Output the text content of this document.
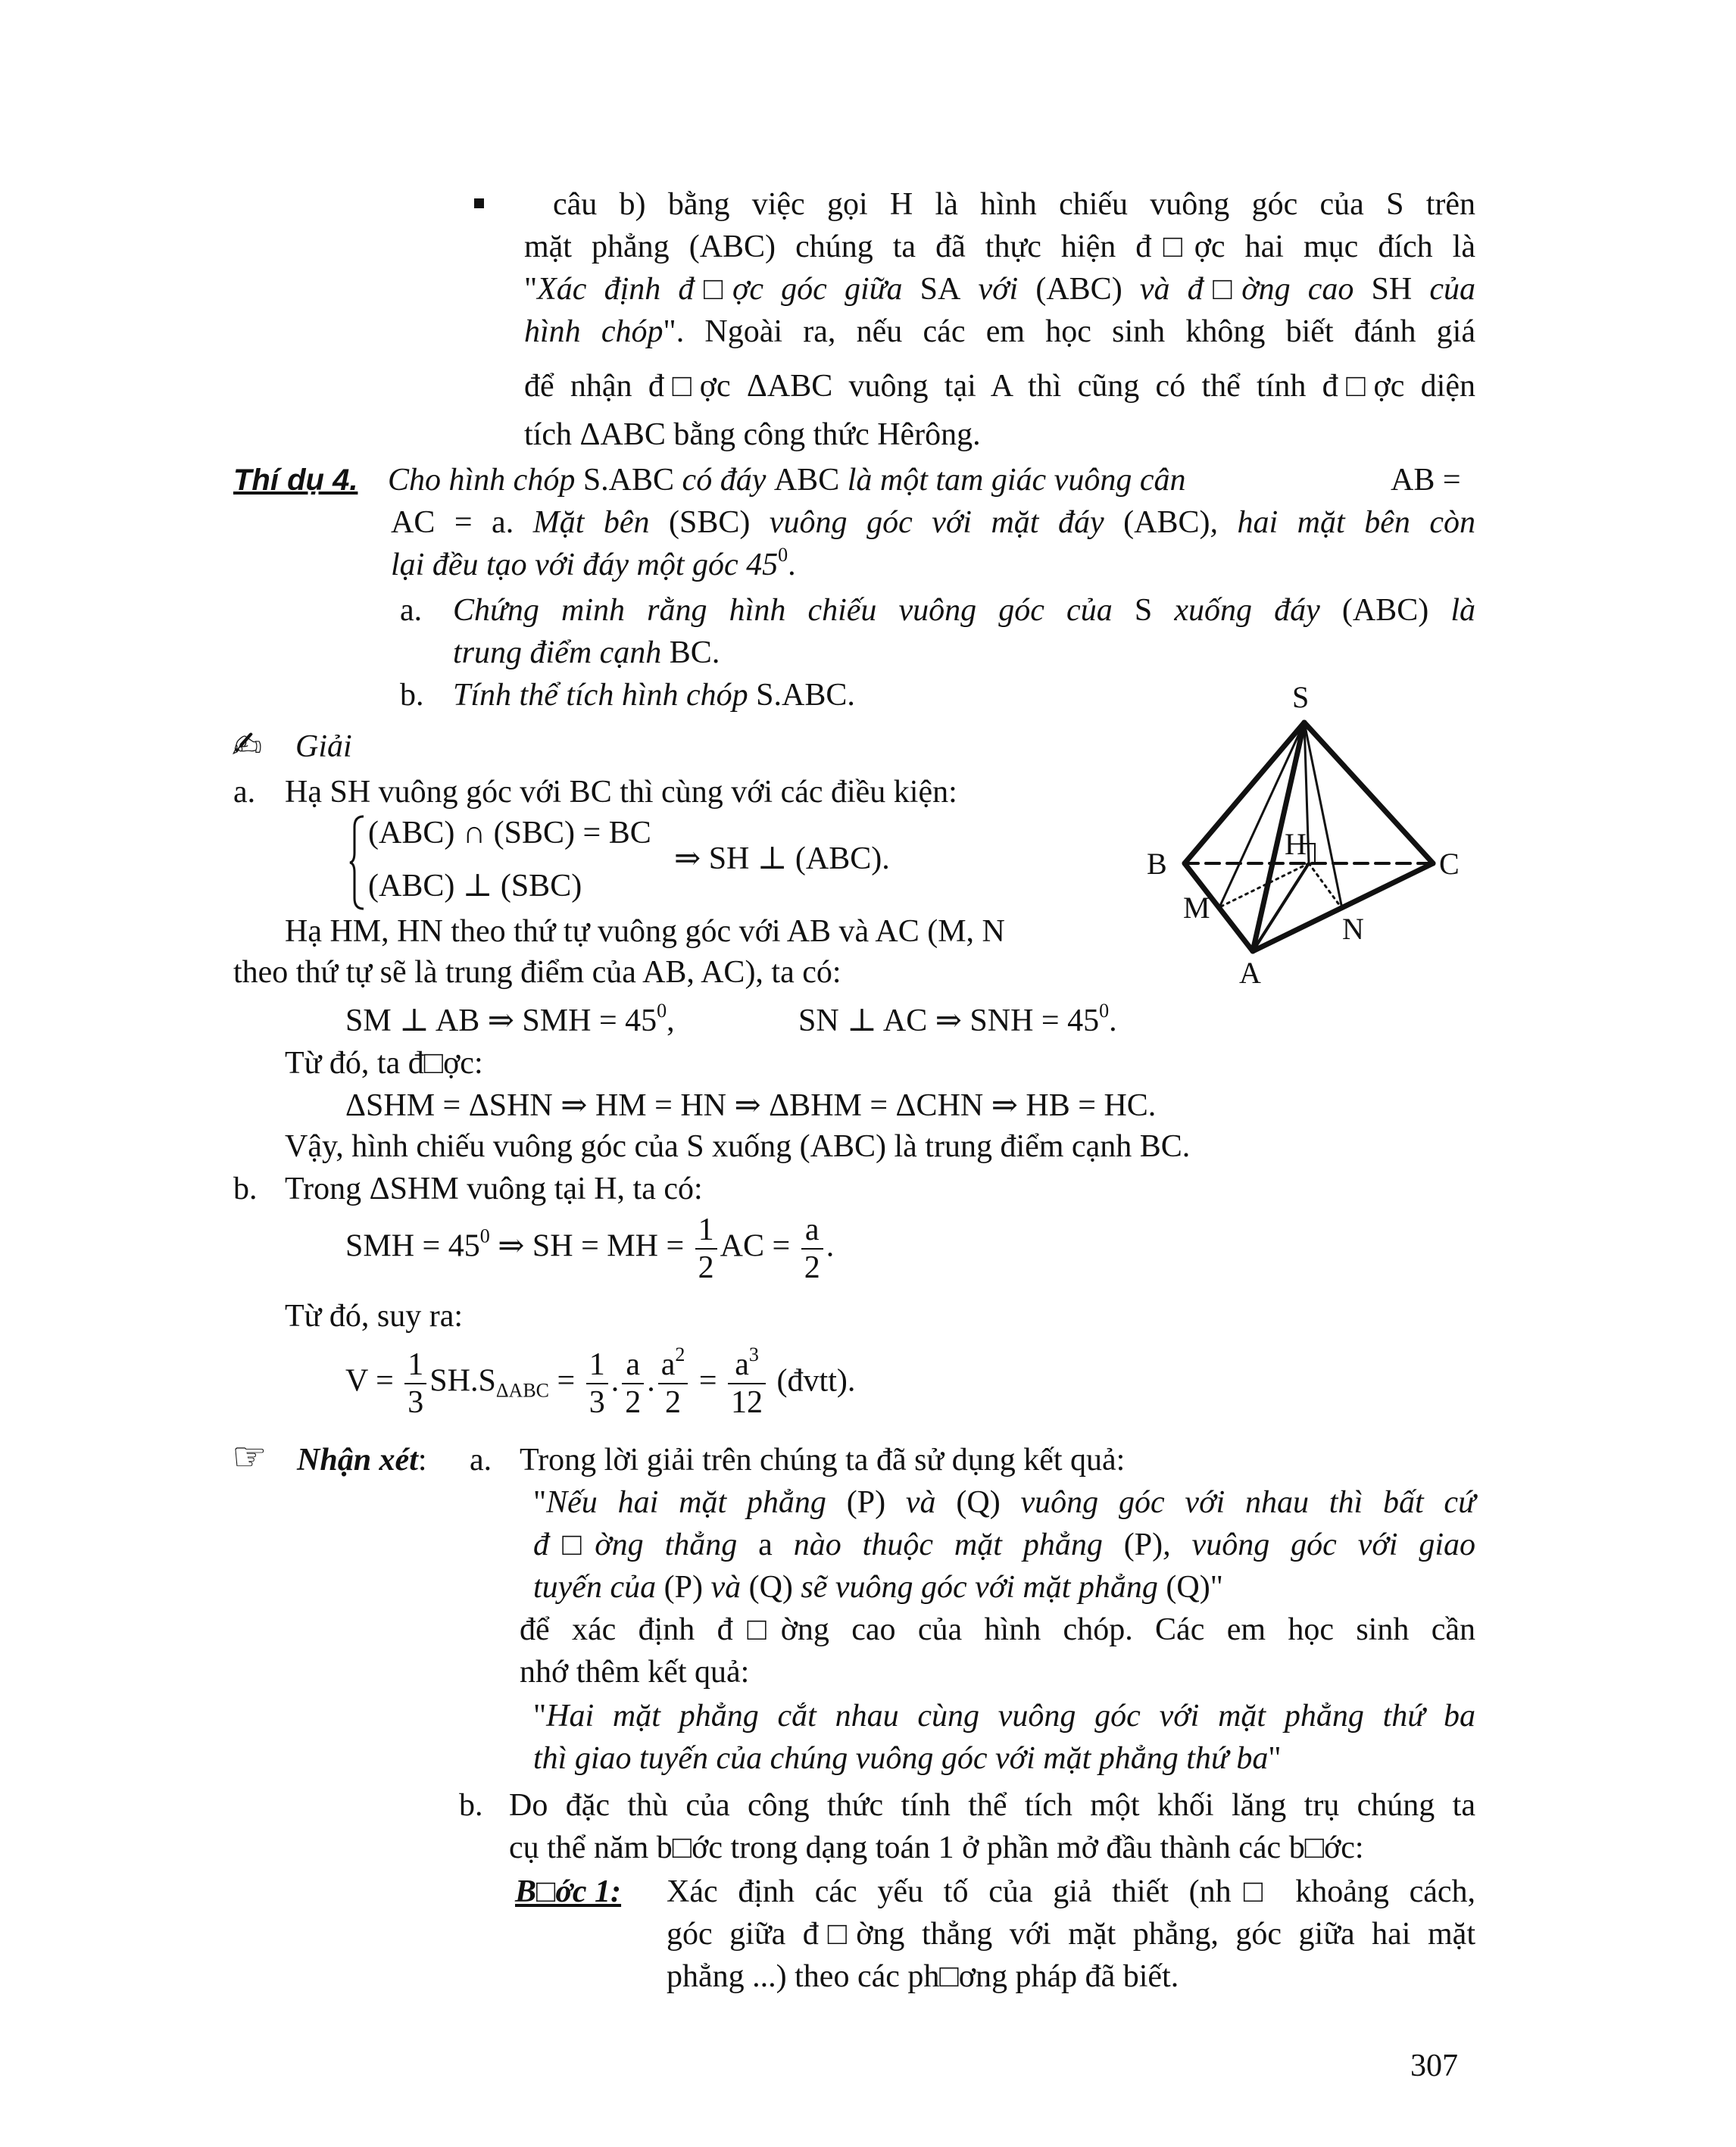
câu b) bằng việc gọi H là hình chiếu vuông góc của S trên
mặt phẳng (ABC) chúng ta đã thực hiện đ□ợc hai mục đích là
"Xác định đ□ợc góc giữa SA với (ABC) và đ□ờng cao SH của
hình chóp". Ngoài ra, nếu các em học sinh không biết đánh giá
để nhận đ□ợc ΔABC vuông tại A thì cũng có thể tính đ□ợc diện
tích ΔABC bằng công thức Hêrông.
Thí dụ 4. Cho hình chóp S.ABC có đáy ABC là một tam giác vuông cân	AB =
AC = a. Mặt bên (SBC) vuông góc với mặt đáy (ABC), hai mặt bên còn
lại đều tạo với đáy một góc $45^0$.
a. Chứng minh rằng hình chiếu vuông góc của S xuống đáy (ABC) là
trung điểm cạnh BC.
b. Tính thể tích hình chóp S.ABC.
✍ Giải
a. Hạ SH vuông góc với BC thì cùng với các điều kiện:
(ABC) ∩ (SBC) = BC
(ABC) ⊥ (SBC)
⇒ SH ⊥ (ABC).
Hạ HM, HN theo thứ tự vuông góc với AB và AC (M, N
theo thứ tự sẽ là trung điểm của AB, AC), ta có:
SM ⊥ AB ⇒ SMH = $45^0$,	SN ⊥ AC ⇒ SNH = $45^0$.
Từ đó, ta đ□ợc:
ΔSHM = ΔSHN ⇒ HM = HN ⇒ ΔBHM = ΔCHN ⇒ HB = HC.
Vậy, hình chiếu vuông góc của S xuống (ABC) là trung điểm cạnh BC.
b. Trong ΔSHM vuông tại H, ta có:
SMH = $45^0$ ⇒ SH = MH = $\frac{1}{2}$ AC = $\frac{a}{2}$ .
Từ đó, suy ra:
$V = \frac{1}{3} SH.S_{\Delta ABC} = \frac{1}{3}$ . $\frac{a}{2}$ . $\frac{a^2}{2} = \frac{a^3}{12}$ (đvtt).
☞ Nhận xét: a. Trong lời giải trên chúng ta đã sử dụng kết quả:
"Nếu hai mặt phẳng (P) và (Q) vuông góc với nhau thì bất cứ
đ□ờng thẳng a nào thuộc mặt phẳng (P), vuông góc với giao
tuyến của (P) và (Q) sẽ vuông góc với mặt phẳng (Q)"
để xác định đ□ờng cao của hình chóp. Các em học sinh cần
nhớ thêm kết quả:
"Hai mặt phẳng cắt nhau cùng vuông góc với mặt phẳng thứ ba
thì giao tuyến của chúng vuông góc với mặt phẳng thứ ba"
b. Do đặc thù của công thức tính thể tích một khối lăng trụ chúng ta
cụ thể năm b□ớc trong dạng toán 1 ở phần mở đầu thành các b□ớc:
B□ớc 1: Xác định các yếu tố của giả thiết (nh□ khoảng cách,
góc giữa đ□ờng thẳng với mặt phẳng, góc giữa hai mặt
phẳng ...) theo các ph□ơng pháp đã biết.
307
S
B
H
C
M
N
A
